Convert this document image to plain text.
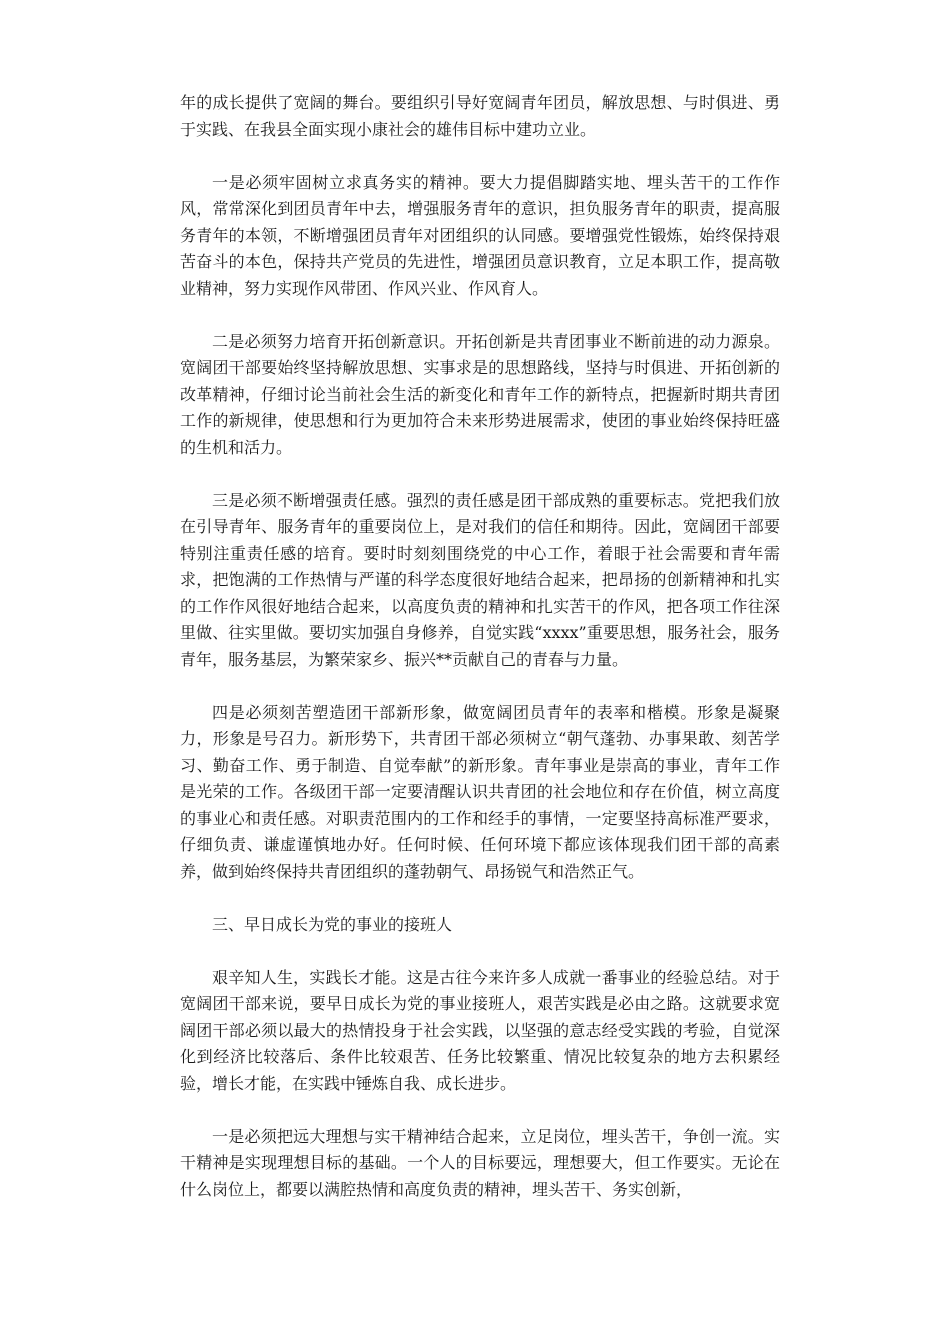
年的成长提供了宽阔的舞台。要组织引导好宽阔青年团员，解放思想、与时俱进、勇于实践、在我县全面实现小康社会的雄伟目标中建功立业。

一是必须牢固树立求真务实的精神。要大力提倡脚踏实地、埋头苦干的工作作风，常常深化到团员青年中去，增强服务青年的意识，担负服务青年的职责，提高服务青年的本领，不断增强团员青年对团组织的认同感。要增强党性锻炼，始终保持艰苦奋斗的本色，保持共产党员的先进性，增强团员意识教育，立足本职工作，提高敬业精神，努力实现作风带团、作风兴业、作风育人。

二是必须努力培育开拓创新意识。开拓创新是共青团事业不断前进的动力源泉。宽阔团干部要始终坚持解放思想、实事求是的思想路线，坚持与时俱进、开拓创新的改革精神，仔细讨论当前社会生活的新变化和青年工作的新特点，把握新时期共青团工作的新规律，使思想和行为更加符合未来形势进展需求，使团的事业始终保持旺盛的生机和活力。

三是必须不断增强责任感。强烈的责任感是团干部成熟的重要标志。党把我们放在引导青年、服务青年的重要岗位上，是对我们的信任和期待。因此，宽阔团干部要特别注重责任感的培育。要时时刻刻围绕党的中心工作，着眼于社会需要和青年需求，把饱满的工作热情与严谨的科学态度很好地结合起来，把昂扬的创新精神和扎实的工作作风很好地结合起来，以高度负责的精神和扎实苦干的作风，把各项工作往深里做、往实里做。要切实加强自身修养，自觉实践“xxxx”重要思想，服务社会，服务青年，服务基层，为繁荣家乡、振兴**贡献自己的青春与力量。

四是必须刻苦塑造团干部新形象，做宽阔团员青年的表率和楷模。形象是凝聚力，形象是号召力。新形势下，共青团干部必须树立“朝气蓬勃、办事果敢、刻苦学习、勤奋工作、勇于制造、自觉奉献”的新形象。青年事业是崇高的事业，青年工作是光荣的工作。各级团干部一定要清醒认识共青团的社会地位和存在价值，树立高度的事业心和责任感。对职责范围内的工作和经手的事情，一定要坚持高标准严要求，仔细负责、谦虚谨慎地办好。任何时候、任何环境下都应该体现我们团干部的高素养，做到始终保持共青团组织的蓬勃朝气、昂扬锐气和浩然正气。

三、早日成长为党的事业的接班人

艰辛知人生，实践长才能。这是古往今来许多人成就一番事业的经验总结。对于宽阔团干部来说，要早日成长为党的事业接班人，艰苦实践是必由之路。这就要求宽阔团干部必须以最大的热情投身于社会实践，以坚强的意志经受实践的考验，自觉深化到经济比较落后、条件比较艰苦、任务比较繁重、情况比较复杂的地方去积累经验，增长才能，在实践中锤炼自我、成长进步。

一是必须把远大理想与实干精神结合起来，立足岗位，埋头苦干，争创一流。实干精神是实现理想目标的基础。一个人的目标要远，理想要大，但工作要实。无论在什么岗位上，都要以满腔热情和高度负责的精神，埋头苦干、务实创新，
